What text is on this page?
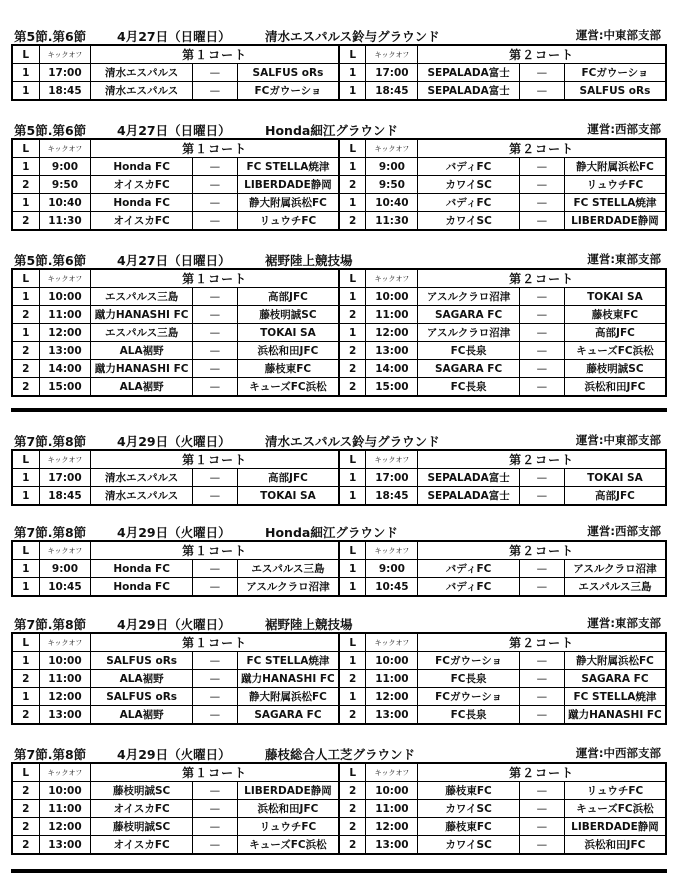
第5節.第6節 4月27日（日曜日）	清水エスパルス鈴与グラウンド	運営:中東部支部
L	キックオフ	第１コート			L	キックオフ	第２コート		
1	17:00	清水エスパルス	—	SALFUS oRs	1	17:00	SEPALADA富士	—	FCガウーショ
1	18:45	清水エスパルス	—	FCガウーショ	1	18:45	SEPALADA富士	—	SALFUS oRs
第5節.第6節 4月27日（日曜日）	Honda細江グラウンド	運営:西部支部
L	キックオフ	第１コート			L	キックオフ	第２コート		
1	9:00	Honda FC	—	FC STELLA焼津	1	9:00	バディFC	—	静大附属浜松FC
2	9:50	オイスカFC	—	LIBERDADE静岡	2	9:50	カワイSC	—	リュウチFC
1	10:40	Honda FC	—	静大附属浜松FC	1	10:40	バディFC	—	FC STELLA焼津
2	11:30	オイスカFC	—	リュウチFC	2	11:30	カワイSC	—	LIBERDADE静岡
第5節.第6節 4月27日（日曜日）	裾野陸上競技場	運営:東部支部
L	キックオフ	第１コート			L	キックオフ	第２コート		
1	10:00	エスパルス三島	—	高部JFC	1	10:00	アスルクラロ沼津	—	TOKAI SA
2	11:00	蹴力HANASHI FC	—	藤枝明誠SC	2	11:00	SAGARA FC	—	藤枝東FC
1	12:00	エスパルス三島	—	TOKAI SA	1	12:00	アスルクラロ沼津	—	高部JFC
2	13:00	ALA裾野	—	浜松和田JFC	2	13:00	FC長泉	—	キューズFC浜松
2	14:00	蹴力HANASHI FC	—	藤枝東FC	2	14:00	SAGARA FC	—	藤枝明誠SC
2	15:00	ALA裾野	—	キューズFC浜松	2	15:00	FC長泉	—	浜松和田JFC
第7節.第8節 4月29日（火曜日）	清水エスパルス鈴与グラウンド	運営:中東部支部
L	キックオフ	第１コート			L	キックオフ	第２コート		
1	17:00	清水エスパルス	—	高部JFC	1	17:00	SEPALADA富士	—	TOKAI SA
1	18:45	清水エスパルス	—	TOKAI SA	1	18:45	SEPALADA富士	—	高部JFC
第7節.第8節 4月29日（火曜日）	Honda細江グラウンド	運営:西部支部
L	キックオフ	第１コート			L	キックオフ	第２コート		
1	9:00	Honda FC	—	エスパルス三島	1	9:00	バディFC	—	アスルクラロ沼津
1	10:45	Honda FC	—	アスルクラロ沼津	1	10:45	バディFC	—	エスパルス三島
第7節.第8節 4月29日（火曜日）	裾野陸上競技場	運営:東部支部
L	キックオフ	第１コート			L	キックオフ	第２コート		
1	10:00	SALFUS oRs	—	FC STELLA焼津	1	10:00	FCガウーショ	—	静大附属浜松FC
2	11:00	ALA裾野	—	蹴力HANASHI FC	2	11:00	FC長泉	—	SAGARA FC
1	12:00	SALFUS oRs	—	静大附属浜松FC	1	12:00	FCガウーショ	—	FC STELLA焼津
2	13:00	ALA裾野	—	SAGARA FC	2	13:00	FC長泉	—	蹴力HANASHI FC
第7節.第8節 4月29日（火曜日）	藤枝総合人工芝グラウンド	運営:中西部支部
L	キックオフ	第１コート			L	キックオフ	第２コート		
2	10:00	藤枝明誠SC	—	LIBERDADE静岡	2	10:00	藤枝東FC	—	リュウチFC
2	11:00	オイスカFC	—	浜松和田JFC	2	11:00	カワイSC	—	キューズFC浜松
2	12:00	藤枝明誠SC	—	リュウチFC	2	12:00	藤枝東FC	—	LIBERDADE静岡
2	13:00	オイスカFC	—	キューズFC浜松	2	13:00	カワイSC	—	浜松和田JFC
